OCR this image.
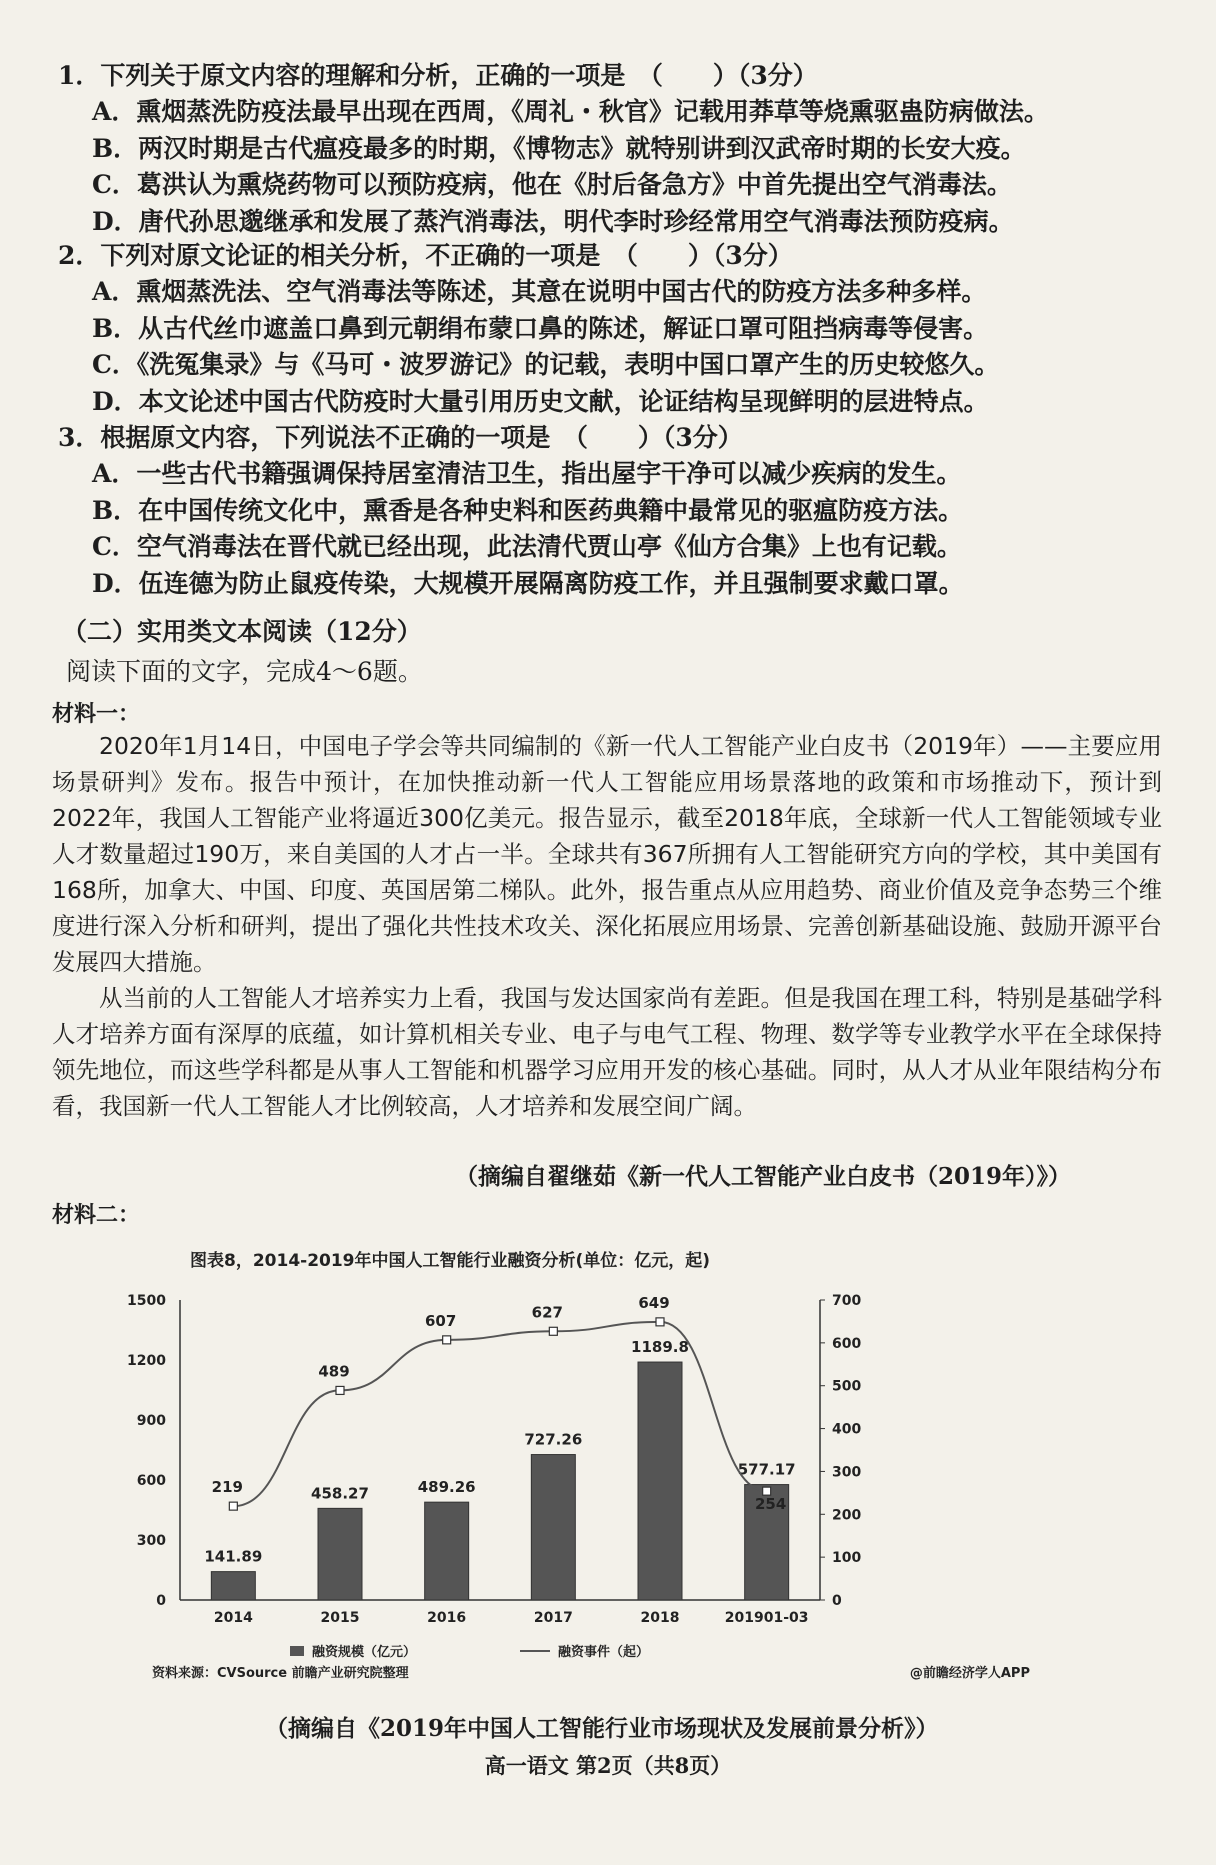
1．下列关于原文内容的理解和分析，正确的一项是　（　　）（3分）
A．熏烟蒸洗防疫法最早出现在西周，《周礼・秋官》记载用莽草等烧熏驱蛊防病做法。
B．两汉时期是古代瘟疫最多的时期，《博物志》就特别讲到汉武帝时期的长安大疫。
C．葛洪认为熏烧药物可以预防疫病，他在《肘后备急方》中首先提出空气消毒法。
D．唐代孙思邈继承和发展了蒸汽消毒法，明代李时珍经常用空气消毒法预防疫病。
2．下列对原文论证的相关分析，不正确的一项是　（　　）（3分）
A．熏烟蒸洗法、空气消毒法等陈述，其意在说明中国古代的防疫方法多种多样。
B．从古代丝巾遮盖口鼻到元朝绢布蒙口鼻的陈述，解证口罩可阻挡病毒等侵害。
C．《洗冤集录》与《马可・波罗游记》的记载，表明中国口罩产生的历史较悠久。
D．本文论述中国古代防疫时大量引用历史文献，论证结构呈现鲜明的层进特点。
3．根据原文内容，下列说法不正确的一项是　（　　）（3分）
A．一些古代书籍强调保持居室清洁卫生，指出屋宇干净可以减少疾病的发生。
B．在中国传统文化中，熏香是各种史料和医药典籍中最常见的驱瘟防疫方法。
C．空气消毒法在晋代就已经出现，此法清代贾山亭《仙方合集》上也有记载。
D．伍连德为防止鼠疫传染，大规模开展隔离防疫工作，并且强制要求戴口罩。
（二）实用类文本阅读（12分）
阅读下面的文字，完成4～6题。
材料一：

2020年1月14日，中国电子学会等共同编制的《新一代人工智能产业白皮书（2019年）——主要应用场景研判》发布。报告中预计，在加快推动新一代人工智能应用场景落地的政策和市场推动下，预计到2022年，我国人工智能产业将逼近300亿美元。报告显示，截至2018年底，全球新一代人工智能领域专业人才数量超过190万，来自美国的人才占一半。全球共有367所拥有人工智能研究方向的学校，其中美国有168所，加拿大、中国、印度、英国居第二梯队。此外，报告重点从应用趋势、商业价值及竞争态势三个维度进行深入分析和研判，提出了强化共性技术攻关、深化拓展应用场景、完善创新基础设施、鼓励开源平台发展四大措施。

从当前的人工智能人才培养实力上看，我国与发达国家尚有差距。但是我国在理工科，特别是基础学科人才培养方面有深厚的底蕴，如计算机相关专业、电子与电气工程、物理、数学等专业教学水平在全球保持领先地位，而这些学科都是从事人工智能和机器学习应用开发的核心基础。同时，从人才从业年限结构分布看，我国新一代人工智能人才比例较高，人才培养和发展空间广阔。

（摘编自翟继茹《新一代人工智能产业白皮书（2019年）》）
材料二：
图表8，2014-2019年中国人工智能行业融资分析(单位：亿元，起)
0
300
600
900
1200
1500
0
100
200
300
400
500
600
700
2014	2015	2016	2017	2018	201901-03
141.89
458.27	489.26
727.26
1189.8
577.17
219
489
607	627
649
254
融资规模（亿元）	融资事件（起）
资料来源：CVSource 前瞻产业研究院整理	@前瞻经济学人APP
（摘编自《2019年中国人工智能行业市场现状及发展前景分析》）
高一语文 第2页（共8页）
